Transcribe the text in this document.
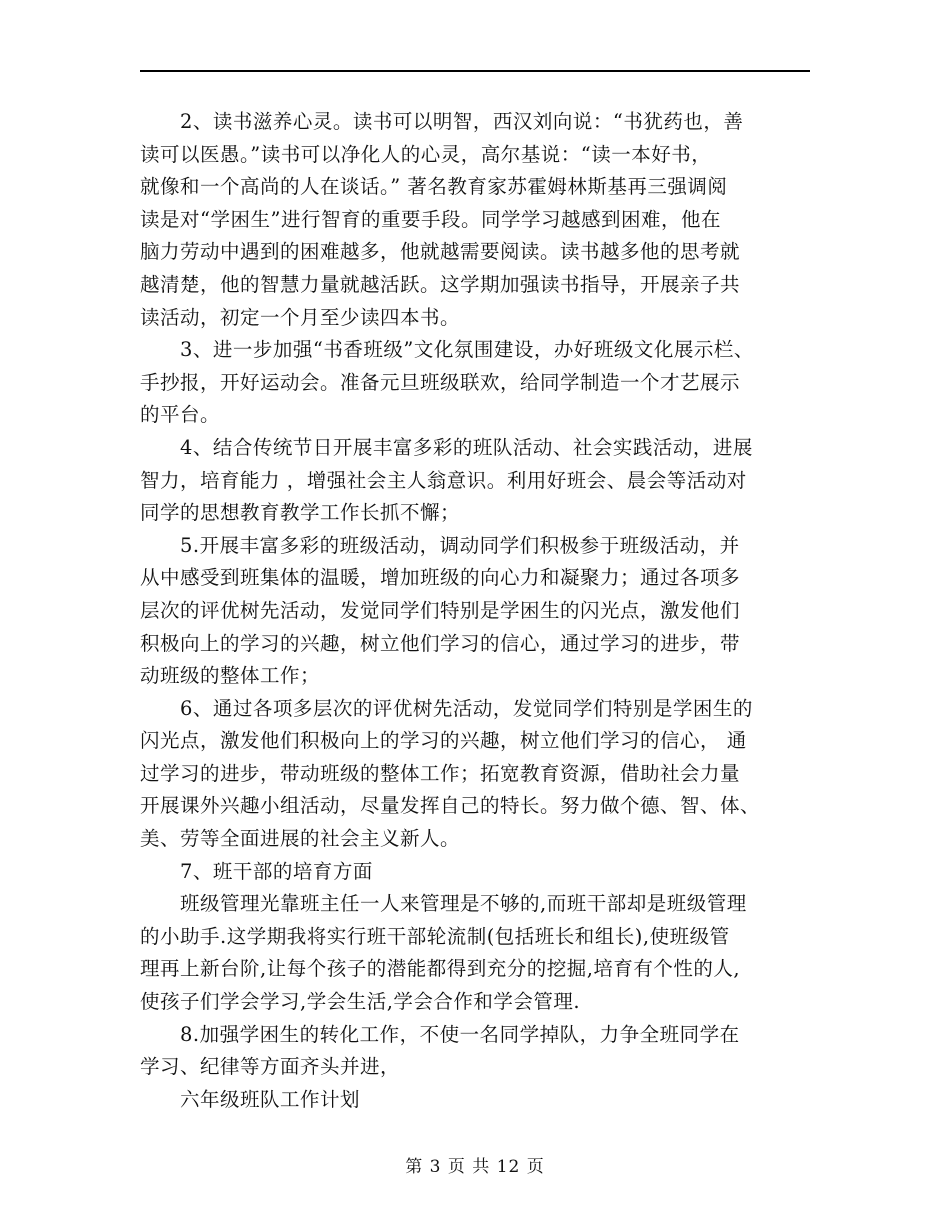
2、读书滋养心灵。读书可以明智，西汉刘向说：“书犹药也，善
读可以医愚。”读书可以净化人的心灵，高尔基说：“读一本好书，
就像和一个高尚的人在谈话。” 著名教育家苏霍姆林斯基再三强调阅
读是对“学困生”进行智育的重要手段。同学学习越感到困难，他在
脑力劳动中遇到的困难越多，他就越需要阅读。读书越多他的思考就
越清楚，他的智慧力量就越活跃。这学期加强读书指导，开展亲子共
读活动，初定一个月至少读四本书。
3、进一步加强“书香班级”文化氛围建设，办好班级文化展示栏、
手抄报，开好运动会。准备元旦班级联欢，给同学制造一个才艺展示
的平台。
4、结合传统节日开展丰富多彩的班队活动、社会实践活动，进展
智力，培育能力 ，增强社会主人翁意识。利用好班会、晨会等活动对
同学的思想教育教学工作长抓不懈；
5.开展丰富多彩的班级活动，调动同学们积极参于班级活动，并
从中感受到班集体的温暖，增加班级的向心力和凝聚力；通过各项多
层次的评优树先活动，发觉同学们特别是学困生的闪光点，激发他们
积极向上的学习的兴趣，树立他们学习的信心，通过学习的进步，带
动班级的整体工作；
6、通过各项多层次的评优树先活动，发觉同学们特别是学困生的
闪光点，激发他们积极向上的学习的兴趣，树立他们学习的信心， 通
过学习的进步，带动班级的整体工作；拓宽教育资源，借助社会力量
开展课外兴趣小组活动，尽量发挥自己的特长。努力做个德、智、体、
美、劳等全面进展的社会主义新人。
7、班干部的培育方面
班级管理光靠班主任一人来管理是不够的,而班干部却是班级管理
的小助手.这学期我将实行班干部轮流制(包括班长和组长),使班级管
理再上新台阶,让每个孩子的潜能都得到充分的挖掘,培育有个性的人,
使孩子们学会学习,学会生活,学会合作和学会管理.
8.加强学困生的转化工作，不使一名同学掉队，力争全班同学在
学习、纪律等方面齐头并进，
六年级班队工作计划
第 3 页 共 12 页
